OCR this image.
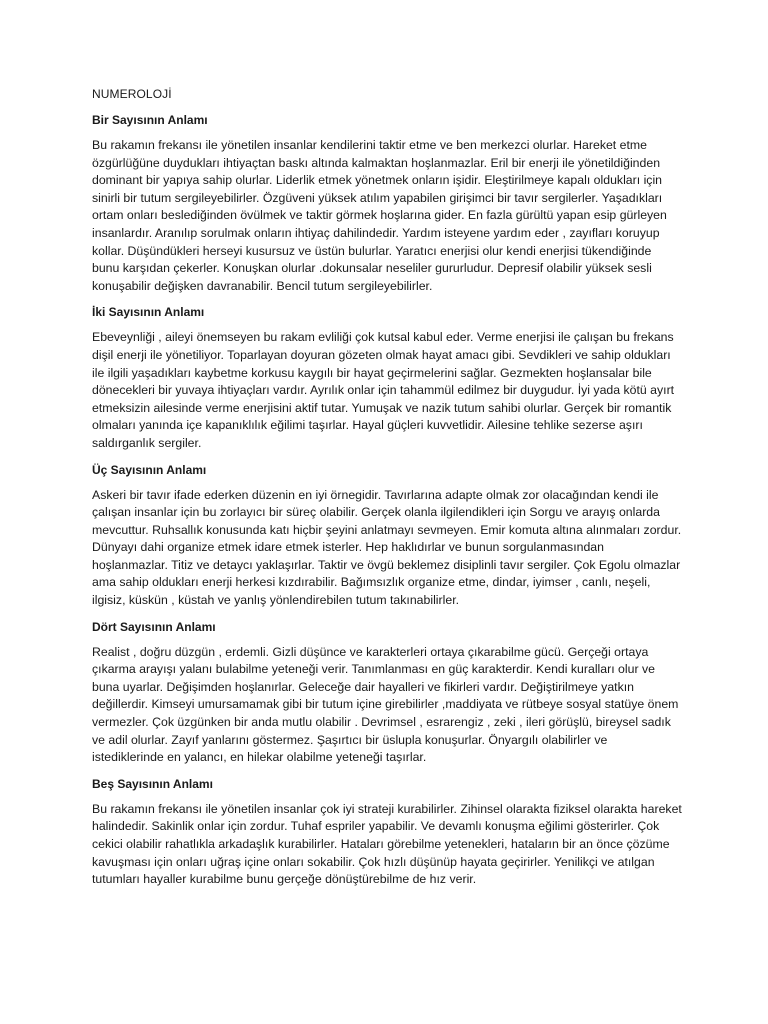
NUMEROLOJİ
Bir Sayısının Anlamı

Bu rakamın frekansı ile yönetilen insanlar kendilerini taktir etme ve ben merkezci olurlar. Hareket etme özgürlüğüne duydukları ihtiyaçtan baskı altında kalmaktan hoşlanmazlar. Eril bir enerji ile yönetildiğinden dominant bir yapıya sahip olurlar. Liderlik etmek yönetmek onların işidir. Eleştirilmeye kapalı oldukları için sinirli bir tutum sergileyebilirler. Özgüveni yüksek atılım yapabilen girişimci bir tavır sergilerler. Yaşadıkları ortam onları beslediğinden övülmek ve taktir görmek hoşlarına gider. En fazla gürültü yapan esip gürleyen insanlardır. Aranılıp sorulmak onların ihtiyaç dahilindedir. Yardım isteyene yardım eder , zayıfları koruyup kollar. Düşündükleri herseyi kusursuz ve üstün bulurlar. Yaratıcı enerjisi olur kendi enerjisi tükendiğinde bunu karşıdan çekerler. Konuşkan olurlar .dokunsalar neseliler gururludur. Depresif olabilir yüksek sesli konuşabilir değişken davranabilir. Bencil tutum sergileyebilirler.

İki Sayısının Anlamı

Ebeveynliği , aileyi önemseyen bu rakam evliliği çok kutsal kabul eder. Verme enerjisi ile çalışan bu frekans dişil enerji ile yönetiliyor. Toparlayan doyuran gözeten olmak hayat amacı gibi. Sevdikleri ve sahip oldukları ile ilgili yaşadıkları kaybetme korkusu kaygılı bir hayat geçirmelerini sağlar. Gezmekten hoşlansalar bile dönecekleri bir yuvaya ihtiyaçları vardır. Ayrılık onlar için tahammül edilmez bir duygudur. İyi yada kötü ayırt etmeksizin ailesinde verme enerjisini aktif tutar. Yumuşak ve nazik tutum sahibi olurlar. Gerçek bir romantik olmaları yanında içe kapanıklılık eğilimi taşırlar. Hayal güçleri kuvvetlidir. Ailesine tehlike sezerse aşırı saldırganlık sergiler.

Üç Sayısının Anlamı

Askeri bir tavır ifade ederken düzenin en iyi örnegidir. Tavırlarına adapte olmak zor olacağından kendi ile çalışan insanlar için bu zorlayıcı bir süreç olabilir. Gerçek olanla ilgilendikleri için Sorgu ve arayış onlarda mevcuttur. Ruhsallık konusunda katı hiçbir şeyini anlatmayı sevmeyen. Emir komuta altına alınmaları zordur. Dünyayı dahi organize etmek idare etmek isterler. Hep haklıdırlar ve bunun sorgulanmasından hoşlanmazlar. Titiz ve detaycı yaklaşırlar. Taktir ve övgü beklemez disiplinli tavır sergiler. Çok Egolu olmazlar ama sahip oldukları enerji herkesi kızdırabilir. Bağımsızlık organize etme, dindar, iyimser , canlı, neşeli, ilgisiz, küskün , küstah ve yanlış yönlendirebilen tutum takınabilirler.

Dört Sayısının Anlamı

Realist , doğru düzgün , erdemli. Gizli düşünce ve karakterleri ortaya çıkarabilme gücü. Gerçeği ortaya çıkarma arayışı yalanı bulabilme yeteneği verir. Tanımlanması en güç karakterdir. Kendi kuralları olur ve buna uyarlar. Değişimden hoşlanırlar. Geleceğe dair hayalleri ve fikirleri vardır. Değiştirilmeye yatkın değillerdir. Kimseyi umursamamak gibi bir tutum içine girebilirler ,maddiyata ve rütbeye sosyal statüye önem vermezler. Çok üzgünken bir anda mutlu olabilir . Devrimsel , esrarengiz , zeki , ileri görüşlü, bireysel sadık ve adil olurlar. Zayıf yanlarını göstermez. Şaşırtıcı bir üslupla konuşurlar. Önyargılı olabilirler ve istediklerinde en yalancı, en hilekar olabilme yeteneği taşırlar.

Beş Sayısının Anlamı

Bu rakamın frekansı ile yönetilen insanlar çok iyi strateji kurabilirler. Zihinsel olarakta fiziksel olarakta hareket halindedir. Sakinlik onlar için zordur. Tuhaf espriler yapabilir. Ve devamlı konuşma eğilimi gösterirler. Çok cekici olabilir rahatlıkla arkadaşlık kurabilirler. Hataları görebilme yetenekleri, hataların bir an önce çözüme kavuşması için onları uğraş içine onları sokabilir. Çok hızlı düşünüp hayata geçirirler. Yenilikçi ve atılgan tutumları hayaller kurabilme bunu gerçeğe dönüştürebilme de hız verir.
